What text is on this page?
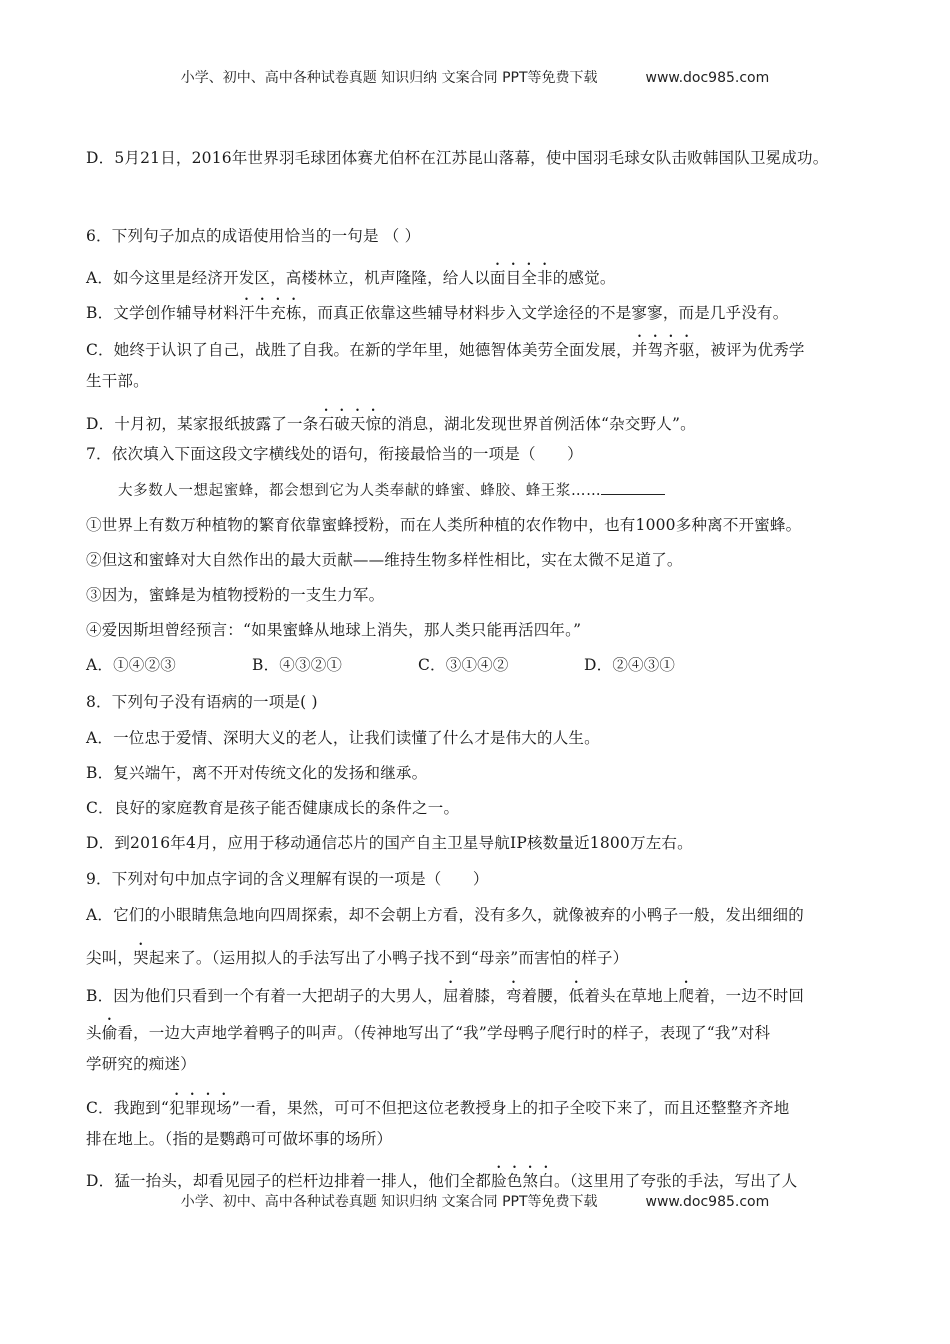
小学、初中、高中各种试卷真题 知识归纳 文案合同 PPT等免费下载	www.doc985.com
D．5月21日，2016年世界羽毛球团体赛尤伯杯在江苏昆山落幕，使中国羽毛球女队击败韩国队卫冕成功。
6．下列句子加点的成语使用恰当的一句是 （ ）
A．如今这里是经济开发区，高楼林立，机声隆隆，给人以面目全非的感觉。
B．文学创作辅导材料汗牛充栋，而真正依靠这些辅导材料步入文学途径的不是寥寥，而是几乎没有。
C．她终于认识了自己，战胜了自我。在新的学年里，她德智体美劳全面发展，并驾齐驱，被评为优秀学
生干部。
D．十月初，某家报纸披露了一条石破天惊的消息，湖北发现世界首例活体“杂交野人”。
7．依次填入下面这段文字横线处的语句，衔接最恰当的一项是（　　）
大多数人一想起蜜蜂，都会想到它为人类奉献的蜂蜜、蜂胶、蜂王浆……
①世界上有数万种植物的繁育依靠蜜蜂授粉，而在人类所种植的农作物中，也有1000多种离不开蜜蜂。
②但这和蜜蜂对大自然作出的最大贡献——维持生物多样性相比，实在太微不足道了。
③因为，蜜蜂是为植物授粉的一支生力军。
④爱因斯坦曾经预言：“如果蜜蜂从地球上消失，那人类只能再活四年。”
A．①④②③	B．④③②①	C．③①④②	D．②④③①
8．下列句子没有语病的一项是( )
A．一位忠于爱情、深明大义的老人，让我们读懂了什么才是伟大的人生。
B．复兴端午，离不开对传统文化的发扬和继承。
C．良好的家庭教育是孩子能否健康成长的条件之一。
D．到2016年4月，应用于移动通信芯片的国产自主卫星导航IP核数量近1800万左右。
9．下列对句中加点字词的含义理解有误的一项是（　　）
A．它们的小眼睛焦急地向四周探索，却不会朝上方看，没有多久，就像被弃的小鸭子一般，发出细细的
尖叫，哭起来了。（运用拟人的手法写出了小鸭子找不到“母亲”而害怕的样子）
B．因为他们只看到一个有着一大把胡子的大男人，屈着膝，弯着腰，低着头在草地上爬着，一边不时回
头偷看，一边大声地学着鸭子的叫声。（传神地写出了“我”学母鸭子爬行时的样子，表现了“我”对科
学研究的痴迷）
C．我跑到“犯罪现场”一看，果然，可可不但把这位老教授身上的扣子全咬下来了，而且还整整齐齐地
排在地上。（指的是鹦鹉可可做坏事的场所）
D．猛一抬头，却看见园子的栏杆边排着一排人，他们全都脸色煞白。（这里用了夸张的手法，写出了人
小学、初中、高中各种试卷真题 知识归纳 文案合同 PPT等免费下载	www.doc985.com
